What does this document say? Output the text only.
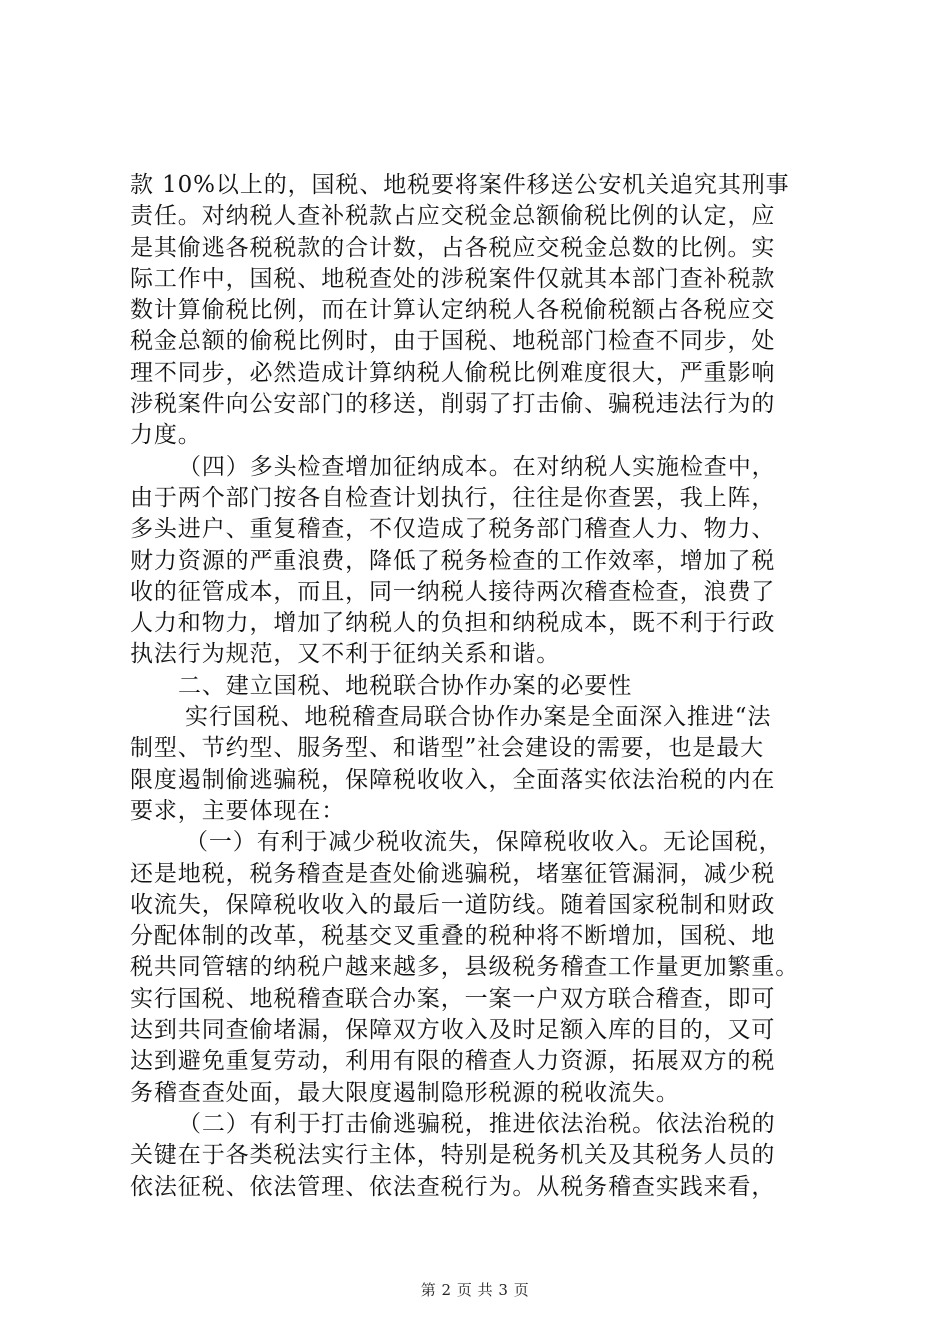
款 10%以上的，国税、地税要将案件移送公安机关追究其刑事
责任。对纳税人查补税款占应交税金总额偷税比例的认定，应
是其偷逃各税税款的合计数，占各税应交税金总数的比例。实
际工作中，国税、地税查处的涉税案件仅就其本部门查补税款
数计算偷税比例，而在计算认定纳税人各税偷税额占各税应交
税金总额的偷税比例时，由于国税、地税部门检查不同步，处
理不同步，必然造成计算纳税人偷税比例难度很大，严重影响
涉税案件向公安部门的移送，削弱了打击偷、骗税违法行为的
力度。
（四）多头检查增加征纳成本。在对纳税人实施检查中，
由于两个部门按各自检查计划执行，往往是你查罢，我上阵，
多头进户、重复稽查，不仅造成了税务部门稽查人力、物力、
财力资源的严重浪费，降低了税务检查的工作效率，增加了税
收的征管成本，而且，同一纳税人接待两次稽查检查，浪费了
人力和物力，增加了纳税人的负担和纳税成本，既不利于行政
执法行为规范，又不利于征纳关系和谐。
二、建立国税、地税联合协作办案的必要性
实行国税、地税稽查局联合协作办案是全面深入推进“法
制型、节约型、服务型、和谐型”社会建设的需要，也是最大
限度遏制偷逃骗税，保障税收收入，全面落实依法治税的内在
要求，主要体现在：
（一）有利于减少税收流失，保障税收收入。无论国税，
还是地税，税务稽查是查处偷逃骗税，堵塞征管漏洞，减少税
收流失，保障税收收入的最后一道防线。随着国家税制和财政
分配体制的改革，税基交叉重叠的税种将不断增加，国税、地
税共同管辖的纳税户越来越多，县级税务稽查工作量更加繁重。
实行国税、地税稽查联合办案，一案一户双方联合稽查，即可
达到共同查偷堵漏，保障双方收入及时足额入库的目的，又可
达到避免重复劳动，利用有限的稽查人力资源，拓展双方的税
务稽查查处面，最大限度遏制隐形税源的税收流失。
（二）有利于打击偷逃骗税，推进依法治税。依法治税的
关键在于各类税法实行主体，特别是税务机关及其税务人员的
依法征税、依法管理、依法查税行为。从税务稽查实践来看，
第 2 页 共 3 页
